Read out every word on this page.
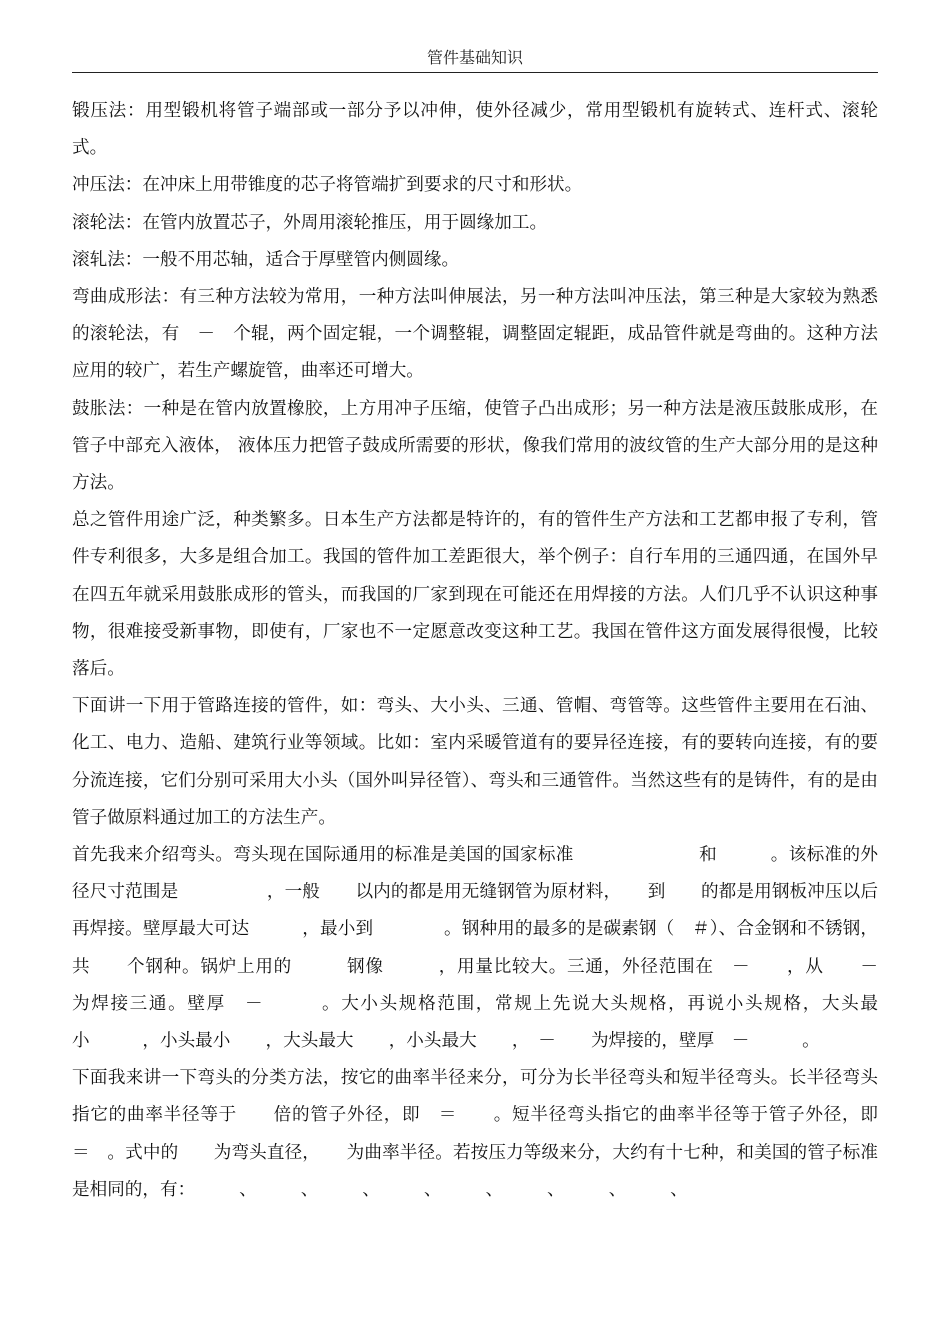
管件基础知识

锻压法：用型锻机将管子端部或一部分予以冲伸，使外径减少，常用型锻机有旋转式、连杆式、滚轮式。

冲压法：在冲床上用带锥度的芯子将管端扩到要求的尺寸和形状。

滚轮法：在管内放置芯子，外周用滚轮推压，用于圆缘加工。

滚轧法：一般不用芯轴，适合于厚壁管内侧圆缘。

弯曲成形法：有三种方法较为常用，一种方法叫伸展法，另一种方法叫冲压法，第三种是大家较为熟悉的滚轮法，有　－　个辊，两个固定辊，一个调整辊，调整固定辊距，成品管件就是弯曲的。这种方法应用的较广，若生产螺旋管，曲率还可增大。

鼓胀法：一种是在管内放置橡胶，上方用冲子压缩，使管子凸出成形；另一种方法是液压鼓胀成形，在管子中部充入液体， 液体压力把管子鼓成所需要的形状，像我们常用的波纹管的生产大部分用的是这种方法。

总之管件用途广泛，种类繁多。日本生产方法都是特许的，有的管件生产方法和工艺都申报了专利，管件专利很多，大多是组合加工。我国的管件加工差距很大，举个例子：自行车用的三通四通，在国外早在四五年就采用鼓胀成形的管头，而我国的厂家到现在可能还在用焊接的方法。人们几乎不认识这种事物，很难接受新事物，即使有，厂家也不一定愿意改变这种工艺。我国在管件这方面发展得很慢，比较落后。

下面讲一下用于管路连接的管件，如：弯头、大小头、三通、管帽、弯管等。这些管件主要用在石油、化工、电力、造船、建筑行业等领域。比如：室内采暖管道有的要异径连接，有的要转向连接，有的要分流连接，它们分别可采用大小头（国外叫异径管）、弯头和三通管件。当然这些有的是铸件，有的是由管子做原料通过加工的方法生产。

首先我来介绍弯头。弯头现在国际通用的标准是美国的国家标准　　　　　　　和　　　。该标准的外径尺寸范围是　　　　　，一般　　以内的都是用无缝钢管为原材料，　　到　　的都是用钢板冲压以后再焊接。壁厚最大可达　　　，最小到　　　　。钢种用的最多的是碳素钢（　＃）、合金钢和不锈钢，共　　个钢种。锅炉上用的　　　钢像　　　，用量比较大。三通，外径范围在　－　　，从　　－　　为焊接三通。壁厚　－　　　。大小头规格范围，常规上先说大头规格，再说小头规格，大头最小　　　，小头最小　　，大头最大　　，小头最大　　，　－　　为焊接的，壁厚　－　　　。

下面我来讲一下弯头的分类方法，按它的曲率半径来分，可分为长半径弯头和短半径弯头。长半径弯头指它的曲率半径等于　　倍的管子外径，即　＝　　。短半径弯头指它的曲率半径等于管子外径，即　＝　。式中的　　为弯头直径，　　为曲率半径。若按压力等级来分，大约有十七种，和美国的管子标准是相同的，有：　　　、　　　、　　　、　　　、　　　、　　　、　　　、　　　、
